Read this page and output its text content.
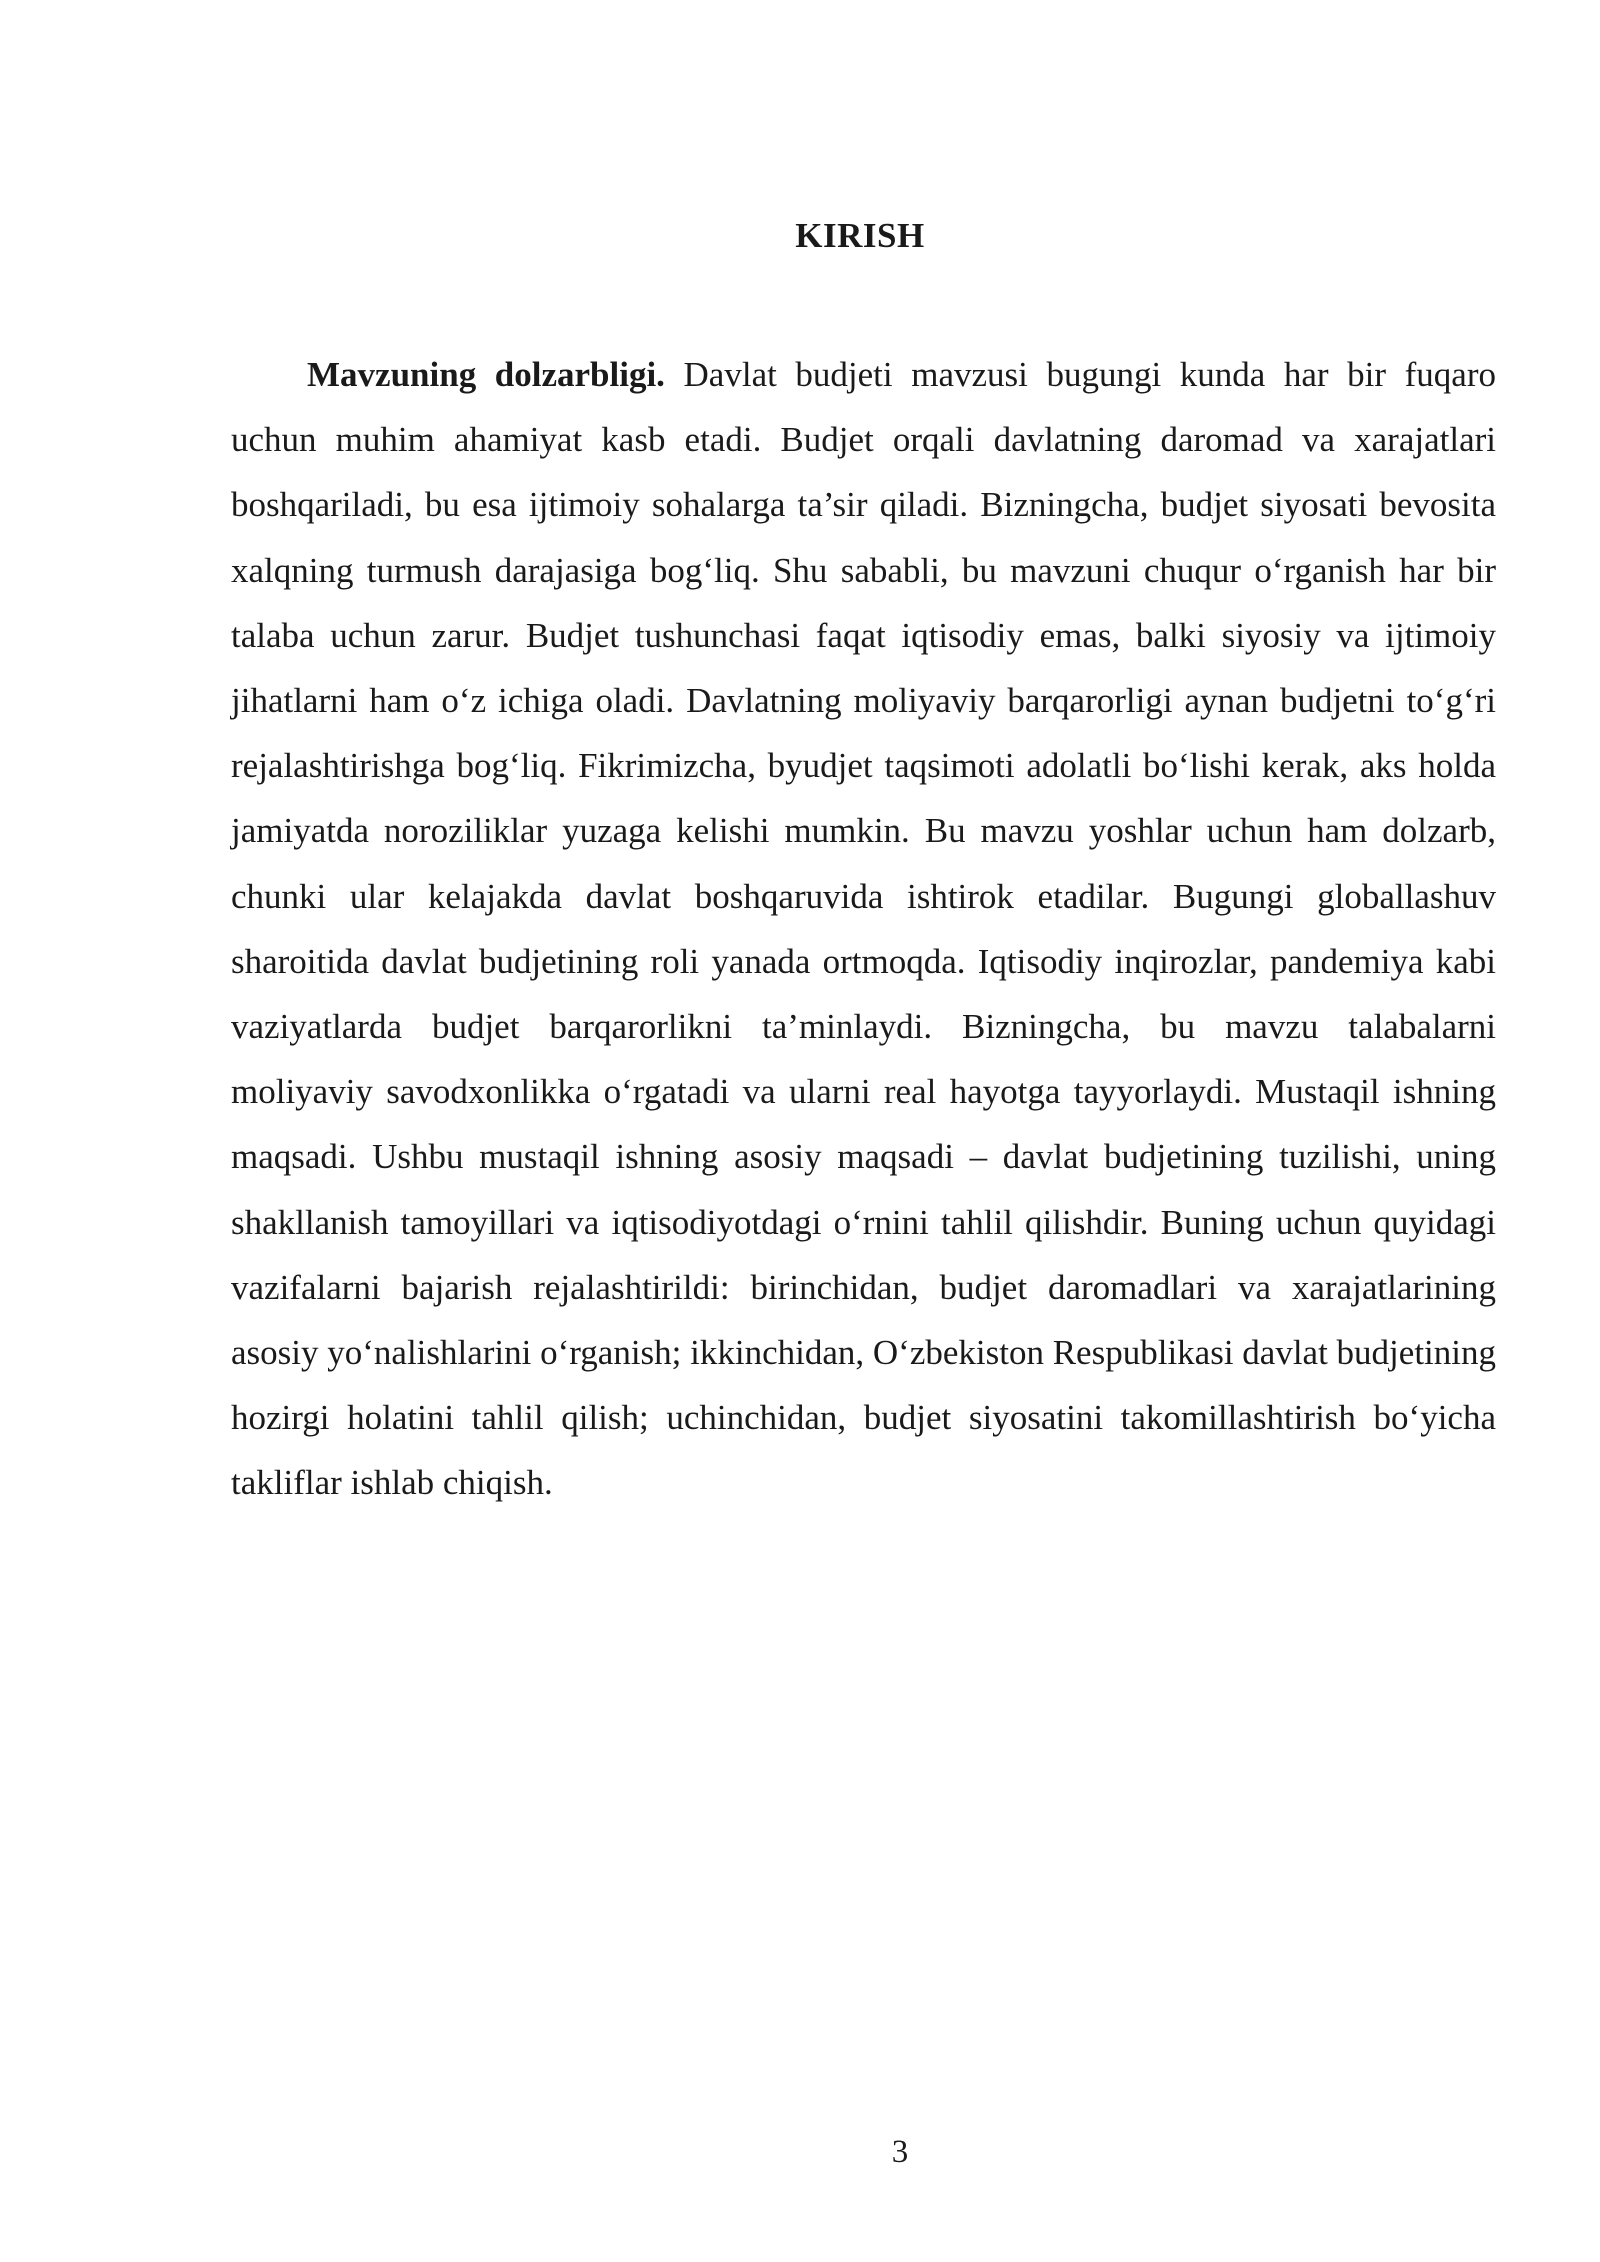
KIRISH

Mavzuning dolzarbligi. Davlat budjeti mavzusi bugungi kunda har bir fuqaro uchun muhim ahamiyat kasb etadi. Budjet orqali davlatning daromad va xarajatlari boshqariladi, bu esa ijtimoiy sohalarga ta’sir qiladi. Bizningcha, budjet siyosati bevosita xalqning turmush darajasiga bog‘liq. Shu sababli, bu mavzuni chuqur o‘rganish har bir talaba uchun zarur. Budjet tushunchasi faqat iqtisodiy emas, balki siyosiy va ijtimoiy jihatlarni ham o‘z ichiga oladi. Davlatning moliyaviy barqarorligi aynan budjetni to‘g‘ri rejalashtirishga bog‘liq. Fikrimizcha, byudjet taqsimoti adolatli bo‘lishi kerak, aks holda jamiyatda noroziliklar yuzaga kelishi mumkin. Bu mavzu yoshlar uchun ham dolzarb, chunki ular kelajakda davlat boshqaruvida ishtirok etadilar. Bugungi globallashuv sharoitida davlat budjetining roli yanada ortmoqda. Iqtisodiy inqirozlar, pandemiya kabi vaziyatlarda budjet barqarorlikni ta’minlaydi. Bizningcha, bu mavzu talabalarni moliyaviy savodxonlikka o‘rgatadi va ularni real hayotga tayyorlaydi. Mustaqil ishning maqsadi. Ushbu mustaqil ishning asosiy maqsadi – davlat budjetining tuzilishi, uning shakllanish tamoyillari va iqtisodiyotdagi o‘rnini tahlil qilishdir. Buning uchun quyidagi vazifalarni bajarish rejalashtirildi: birinchidan, budjet daromadlari va xarajatlarining asosiy yo‘nalishlarini o‘rganish; ikkinchidan, O‘zbekiston Respublikasi davlat budjetining hozirgi holatini tahlil qilish; uchinchidan, budjet siyosatini takomillashtirish bo‘yicha takliflar ishlab chiqish.

3
